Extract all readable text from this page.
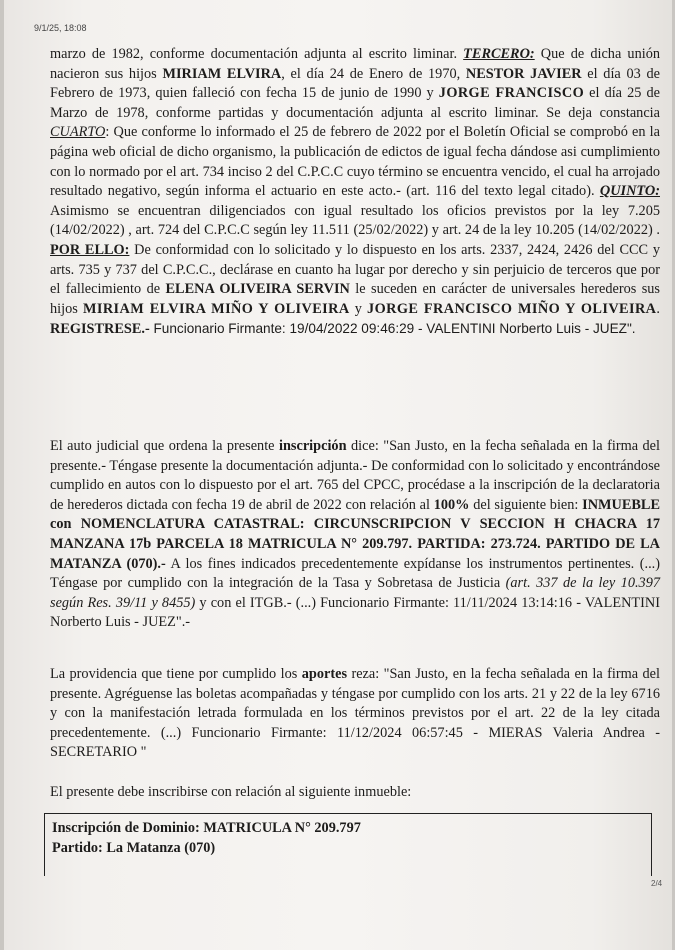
9/1/25, 18:08
marzo de 1982, conforme documentación adjunta al escrito liminar. TERCERO: Que de dicha unión nacieron sus hijos MIRIAM ELVIRA, el día 24 de Enero de 1970, NESTOR JAVIER el día 03 de Febrero de 1973, quien falleció con fecha 15 de junio de 1990 y JORGE FRANCISCO el día 25 de Marzo de 1978, conforme partidas y documentación adjunta al escrito liminar. Se deja constancia CUARTO: Que conforme lo informado el 25 de febrero de 2022 por el Boletín Oficial se comprobó en la página web oficial de dicho organismo, la publicación de edictos de igual fecha dándose asi cumplimiento con lo normado por el art. 734 inciso 2 del C.P.C.C cuyo término se encuentra vencido, el cual ha arrojado resultado negativo, según informa el actuario en este acto.- (art. 116 del texto legal citado). QUINTO: Asimismo se encuentran diligenciados con igual resultado los oficios previstos por la ley 7.205 (14/02/2022) , art. 724 del C.P.C.C según ley 11.511 (25/02/2022) y art. 24 de la ley 10.205 (14/02/2022) . POR ELLO: De conformidad con lo solicitado y lo dispuesto en los arts. 2337, 2424, 2426 del CCC y arts. 735 y 737 del C.P.C.C., declárase en cuanto ha lugar por derecho y sin perjuicio de terceros que por el fallecimiento de ELENA OLIVEIRA SERVIN le suceden en carácter de universales herederos sus hijos MIRIAM ELVIRA MIÑO Y OLIVEIRA y JORGE FRANCISCO MIÑO Y OLIVEIRA. REGISTRESE.- Funcionario Firmante: 19/04/2022 09:46:29 - VALENTINI Norberto Luis - JUEZ".
El auto judicial que ordena la presente inscripción dice: "San Justo, en la fecha señalada en la firma del presente.- Téngase presente la documentación adjunta.- De conformidad con lo solicitado y encontrándose cumplido en autos con lo dispuesto por el art. 765 del CPCC, procédase a la inscripción de la declaratoria de herederos dictada con fecha 19 de abril de 2022 con relación al 100% del siguiente bien: INMUEBLE con NOMENCLATURA CATASTRAL: CIRCUNSCRIPCION V SECCION H CHACRA 17 MANZANA 17b PARCELA 18 MATRICULA N° 209.797. PARTIDA: 273.724. PARTIDO DE LA MATANZA (070).- A los fines indicados precedentemente expídanse los instrumentos pertinentes. (...) Téngase por cumplido con la integración de la Tasa y Sobretasa de Justicia (art. 337 de la ley 10.397 según Res. 39/11 y 8455) y con el ITGB.- (...) Funcionario Firmante: 11/11/2024 13:14:16 - VALENTINI Norberto Luis - JUEZ".-
La providencia que tiene por cumplido los aportes reza: "San Justo, en la fecha señalada en la firma del presente. Agréguense las boletas acompañadas y téngase por cumplido con los arts. 21 y 22 de la ley 6716 y con la manifestación letrada formulada en los términos previstos por el art. 22 de la ley citada precedentemente. (...) Funcionario Firmante: 11/12/2024 06:57:45 - MIERAS Valeria Andrea - SECRETARIO "
El presente debe inscribirse con relación al siguiente inmueble:
Inscripción de Dominio: MATRICULA N° 209.797
Partido: La Matanza (070)
2/4
